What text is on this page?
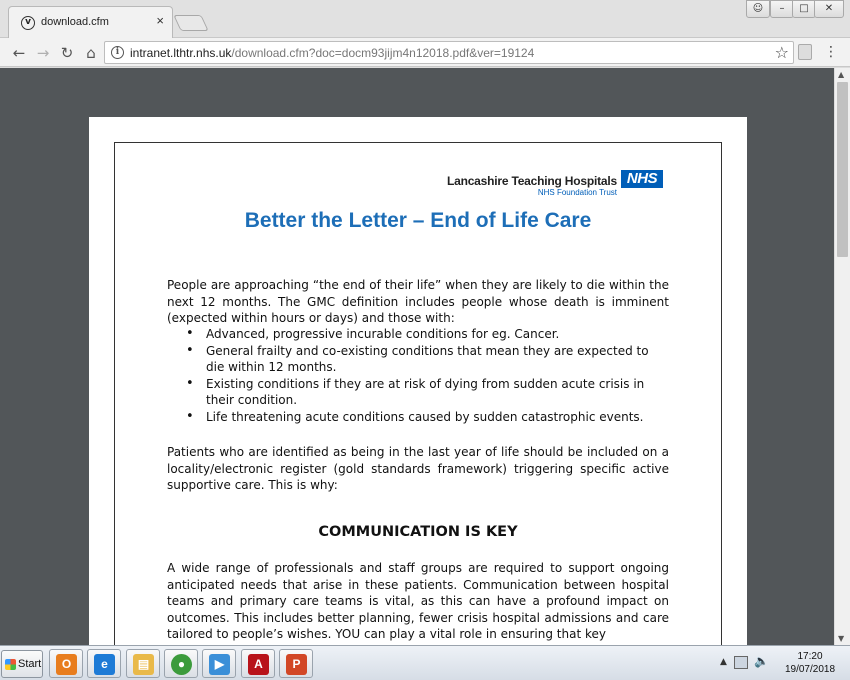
v download.cfm	×
☺	–	□	✕
← → ↻ ⌂	i intranet.lthtr.nhs.uk/download.cfm?doc=docm93jijm4n12018.pdf&ver=19124	☆	⋮
Lancashire Teaching Hospitals
NHS Foundation Trust
NHS
Better the Letter – End of Life Care

People are approaching “the end of their life” when they are likely to die within the next 12 months. The GMC definition includes people whose death is imminent (expected within hours or days) and those with:

• Advanced, progressive incurable conditions for eg. Cancer.
• General frailty and co-existing conditions that mean they are expected to die within 12 months.
• Existing conditions if they are at risk of dying from sudden acute crisis in their condition.
• Life threatening acute conditions caused by sudden catastrophic events.

Patients who are identified as being in the last year of life should be included on a locality/electronic register (gold standards framework) triggering specific active supportive care. This is why:

COMMUNICATION IS KEY

A wide range of professionals and staff groups are required to support ongoing anticipated needs that arise in these patients. Communication between hospital teams and primary care teams is vital, as this can have a profound impact on outcomes. This includes better planning, fewer crisis hospital admissions and care tailored to people’s wishes. YOU can play a vital role in ensuring that key

▲
▼
Start	O	e	▤	●	▶	A	P	▲ 🔈	17:20
19/07/2018
